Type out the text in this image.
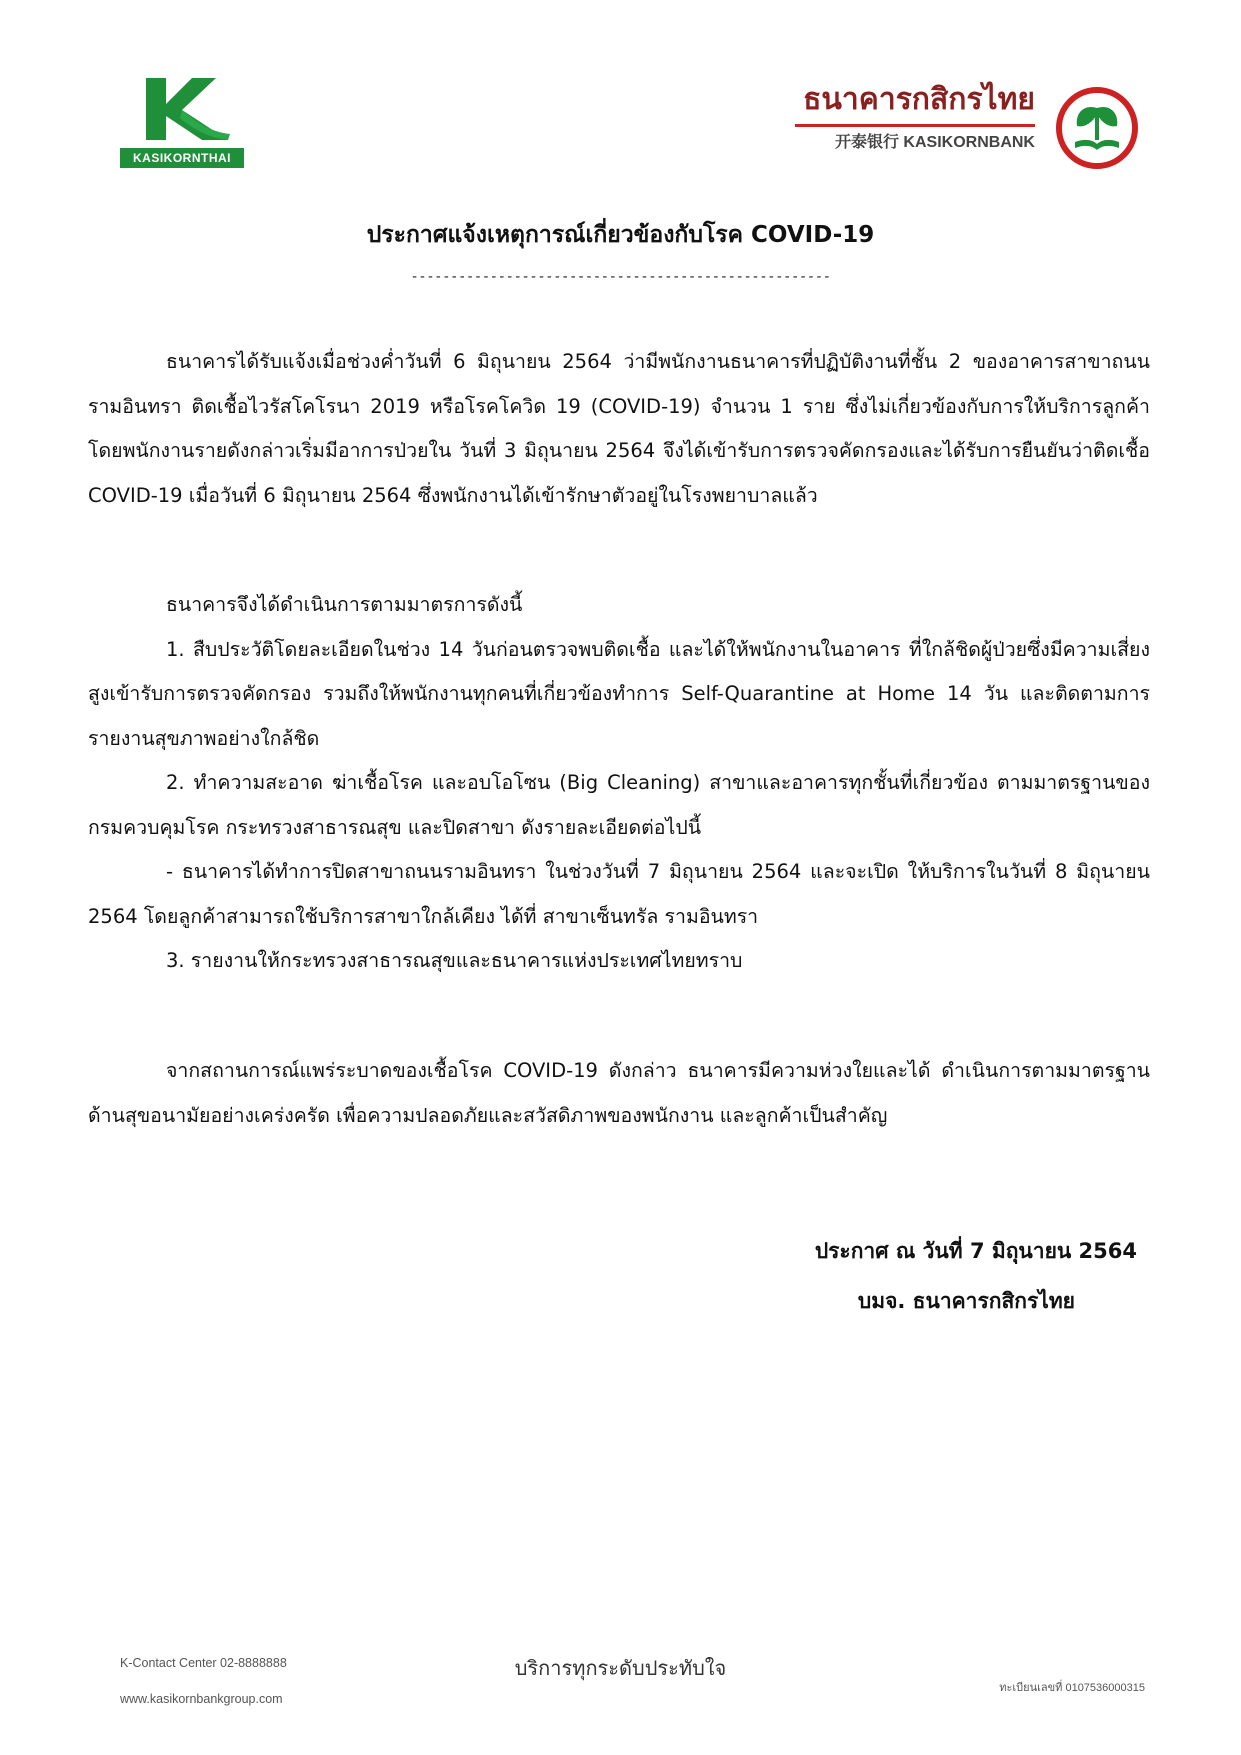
KASIKORNTHAI
ธนาคารกสิกรไทย
开泰银行 KASIKORNBANK
ประกาศแจ้งเหตุการณ์เกี่ยวข้องกับโรค COVID-19
-----------------------------------------------------

ธนาคารได้รับแจ้งเมื่อช่วงค่ำวันที่ 6 มิถุนายน 2564 ว่ามีพนักงานธนาคารที่ปฏิบัติงานที่ชั้น 2 ของอาคารสาขาถนนรามอินทรา ติดเชื้อไวรัสโคโรนา 2019 หรือโรคโควิด 19 (COVID-19) จำนวน 1 ราย ซึ่งไม่เกี่ยวข้องกับการให้บริการลูกค้า โดยพนักงานรายดังกล่าวเริ่มมีอาการป่วยใน วันที่ 3 มิถุนายน 2564 จึงได้เข้ารับการตรวจคัดกรองและได้รับการยืนยันว่าติดเชื้อ COVID-19 เมื่อวันที่ 6 มิถุนายน 2564 ซึ่งพนักงานได้เข้ารักษาตัวอยู่ในโรงพยาบาลแล้ว

ธนาคารจึงได้ดำเนินการตามมาตรการดังนี้

1. สืบประวัติโดยละเอียดในช่วง 14 วันก่อนตรวจพบติดเชื้อ และได้ให้พนักงานในอาคาร ที่ใกล้ชิดผู้ป่วยซึ่งมีความเสี่ยงสูงเข้ารับการตรวจคัดกรอง รวมถึงให้พนักงานทุกคนที่เกี่ยวข้องทำการ Self-Quarantine at Home 14 วัน และติดตามการรายงานสุขภาพอย่างใกล้ชิด

2. ทำความสะอาด ฆ่าเชื้อโรค และอบโอโซน (Big Cleaning) สาขาและอาคารทุกชั้นที่เกี่ยวข้อง ตามมาตรฐานของกรมควบคุมโรค กระทรวงสาธารณสุข และปิดสาขา ดังรายละเอียดต่อไปนี้

- ธนาคารได้ทำการปิดสาขาถนนรามอินทรา ในช่วงวันที่ 7 มิถุนายน 2564 และจะเปิด ให้บริการในวันที่ 8 มิถุนายน 2564 โดยลูกค้าสามารถใช้บริการสาขาใกล้เคียง ได้ที่ สาขาเซ็นทรัล รามอินทรา

3. รายงานให้กระทรวงสาธารณสุขและธนาคารแห่งประเทศไทยทราบ

จากสถานการณ์แพร่ระบาดของเชื้อโรค COVID-19 ดังกล่าว ธนาคารมีความห่วงใยและได้ ดำเนินการตามมาตรฐานด้านสุขอนามัยอย่างเคร่งครัด เพื่อความปลอดภัยและสวัสดิภาพของพนักงาน และลูกค้าเป็นสำคัญ

ประกาศ ณ วันที่ 7 มิถุนายน 2564
บมจ. ธนาคารกสิกรไทย
K-Contact Center 02-8888888
www.kasikornbankgroup.com
บริการทุกระดับประทับใจ
ทะเบียนเลขที่ 0107536000315
